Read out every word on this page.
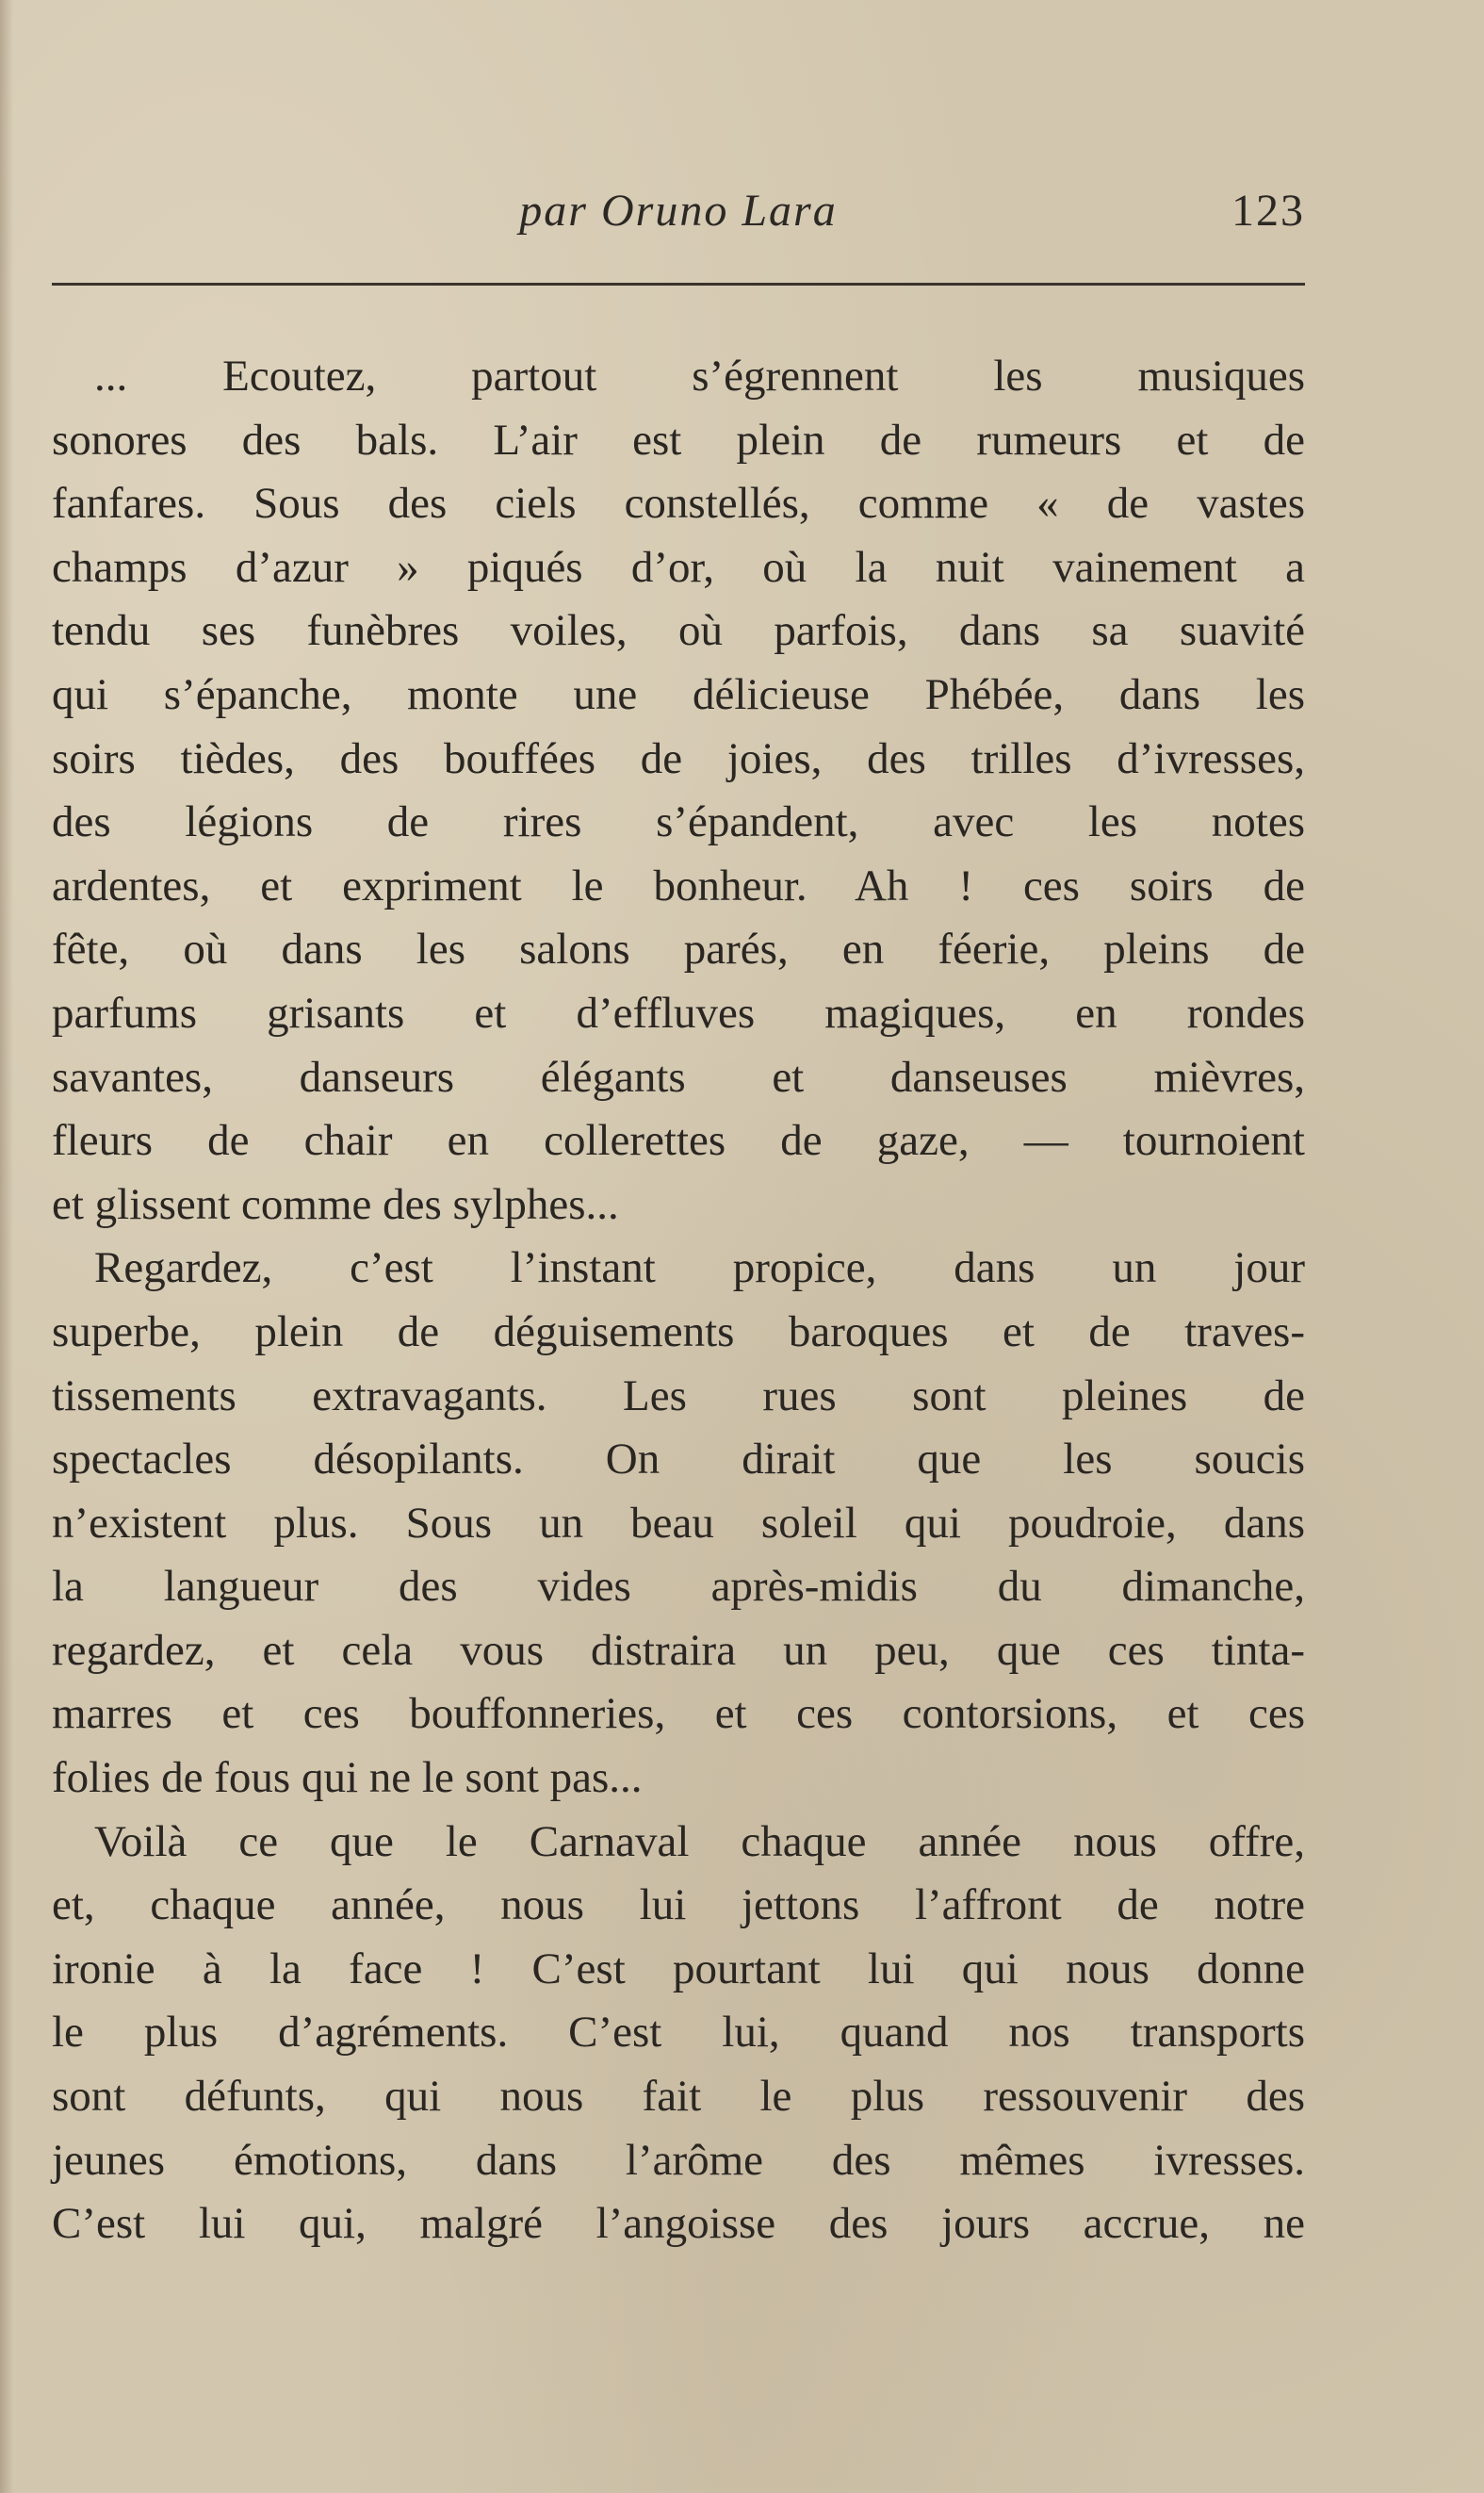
par Oruno Lara	123
... Ecoutez, partout s’égrennent les musiques
sonores des bals. L’air est plein de rumeurs et de
fanfares. Sous des ciels constellés, comme « de vastes
champs d’azur » piqués d’or, où la nuit vainement a
tendu ses funèbres voiles, où parfois, dans sa suavité
qui s’épanche, monte une délicieuse Phébée, dans les
soirs tièdes, des bouffées de joies, des trilles d’ivresses,
des légions de rires s’épandent, avec les notes
ardentes, et expriment le bonheur. Ah ! ces soirs de
fête, où dans les salons parés, en féerie, pleins de
parfums grisants et d’effluves magiques, en rondes
savantes, danseurs élégants et danseuses mièvres,
fleurs de chair en collerettes de gaze, — tournoient
et glissent comme des sylphes...
Regardez, c’est l’instant propice, dans un jour
superbe, plein de déguisements baroques et de traves-
tissements extravagants. Les rues sont pleines de
spectacles désopilants. On dirait que les soucis
n’existent plus. Sous un beau soleil qui poudroie, dans
la langueur des vides après-midis du dimanche,
regardez, et cela vous distraira un peu, que ces tinta-
marres et ces bouffonneries, et ces contorsions, et ces
folies de fous qui ne le sont pas...
Voilà ce que le Carnaval chaque année nous offre,
et, chaque année, nous lui jettons l’affront de notre
ironie à la face ! C’est pourtant lui qui nous donne
le plus d’agréments. C’est lui, quand nos transports
sont défunts, qui nous fait le plus ressouvenir des
jeunes émotions, dans l’arôme des mêmes ivresses.
C’est lui qui, malgré l’angoisse des jours accrue, ne
